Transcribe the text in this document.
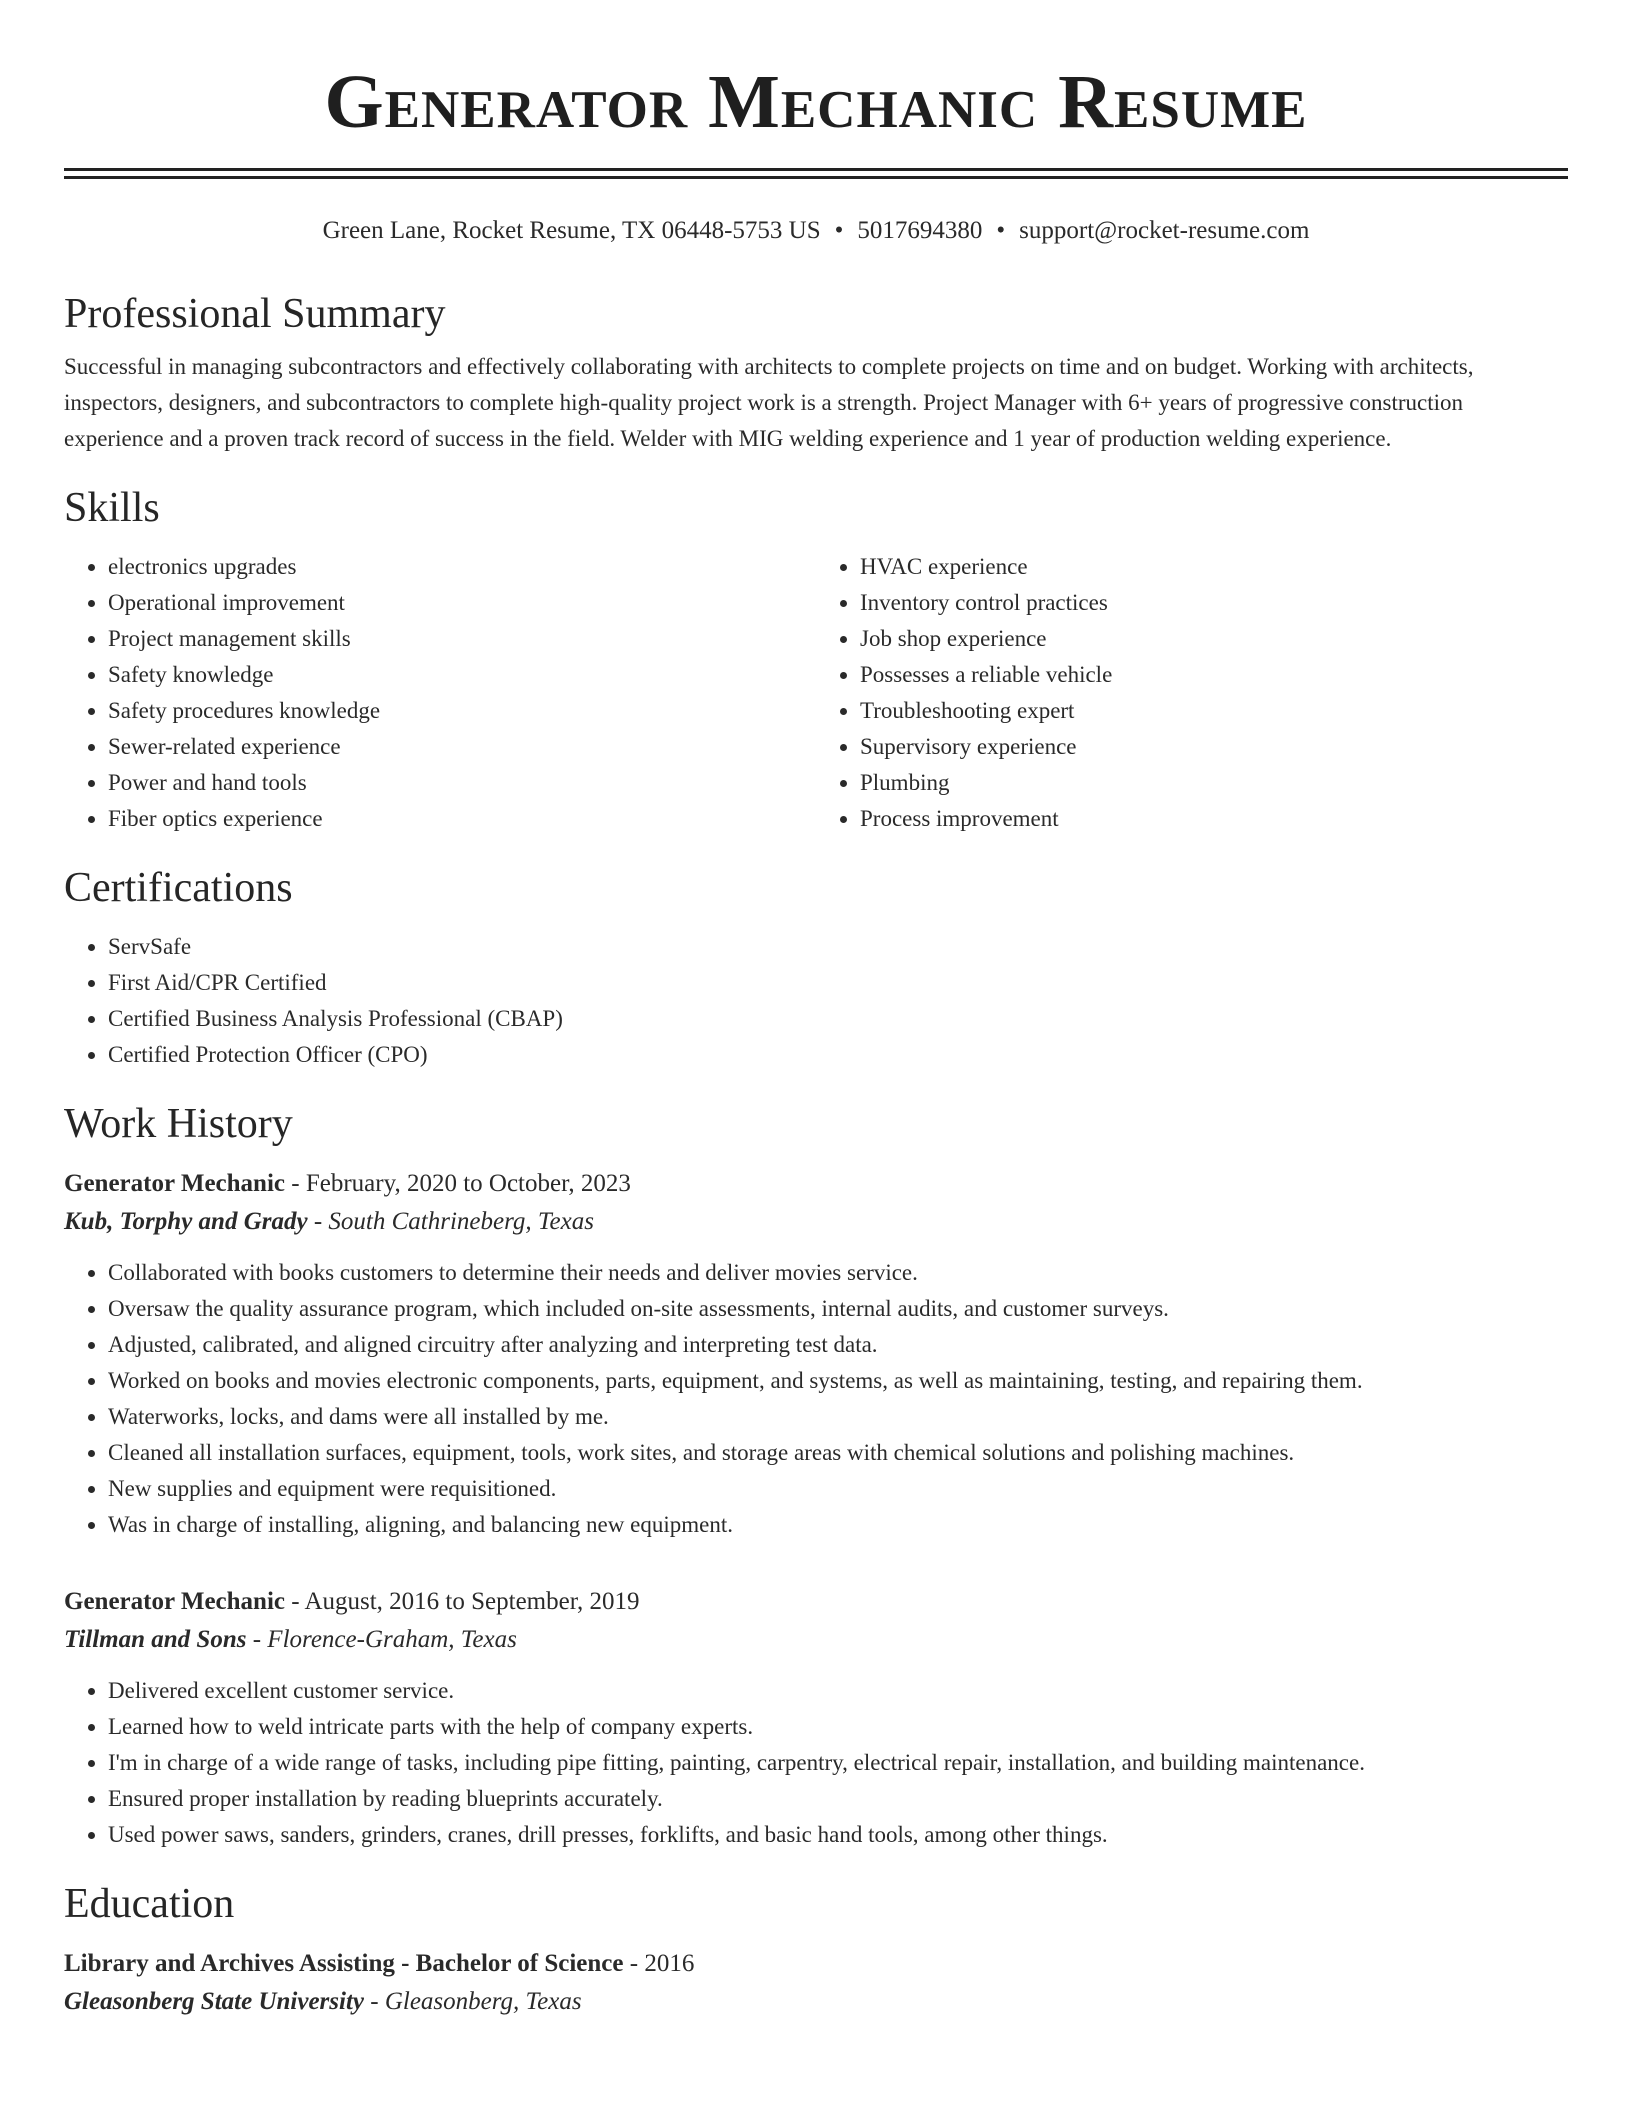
Generator Mechanic Resume
Green Lane, Rocket Resume, TX 06448-5753 US • 5017694380 • support@rocket-resume.com
Professional Summary

Successful in managing subcontractors and effectively collaborating with architects to complete projects on time and on budget. Working with architects, inspectors, designers, and subcontractors to complete high-quality project work is a strength. Project Manager with 6+ years of progressive construction experience and a proven track record of success in the field. Welder with MIG welding experience and 1 year of production welding experience.

Skills
• electronics upgrades
• Operational improvement
• Project management skills
• Safety knowledge
• Safety procedures knowledge
• Sewer-related experience
• Power and hand tools
• Fiber optics experience
• HVAC experience
• Inventory control practices
• Job shop experience
• Possesses a reliable vehicle
• Troubleshooting expert
• Supervisory experience
• Plumbing
• Process improvement
Certifications
• ServSafe
• First Aid/CPR Certified
• Certified Business Analysis Professional (CBAP)
• Certified Protection Officer (CPO)
Work History
Generator Mechanic - February, 2020 to October, 2023
Kub, Torphy and Grady - South Cathrineberg, Texas
• Collaborated with books customers to determine their needs and deliver movies service.
• Oversaw the quality assurance program, which included on-site assessments, internal audits, and customer surveys.
• Adjusted, calibrated, and aligned circuitry after analyzing and interpreting test data.
• Worked on books and movies electronic components, parts, equipment, and systems, as well as maintaining, testing, and repairing them.
• Waterworks, locks, and dams were all installed by me.
• Cleaned all installation surfaces, equipment, tools, work sites, and storage areas with chemical solutions and polishing machines.
• New supplies and equipment were requisitioned.
• Was in charge of installing, aligning, and balancing new equipment.
Generator Mechanic - August, 2016 to September, 2019
Tillman and Sons - Florence-Graham, Texas
• Delivered excellent customer service.
• Learned how to weld intricate parts with the help of company experts.
• I'm in charge of a wide range of tasks, including pipe fitting, painting, carpentry, electrical repair, installation, and building maintenance.
• Ensured proper installation by reading blueprints accurately.
• Used power saws, sanders, grinders, cranes, drill presses, forklifts, and basic hand tools, among other things.
Education
Library and Archives Assisting - Bachelor of Science - 2016
Gleasonberg State University - Gleasonberg, Texas
